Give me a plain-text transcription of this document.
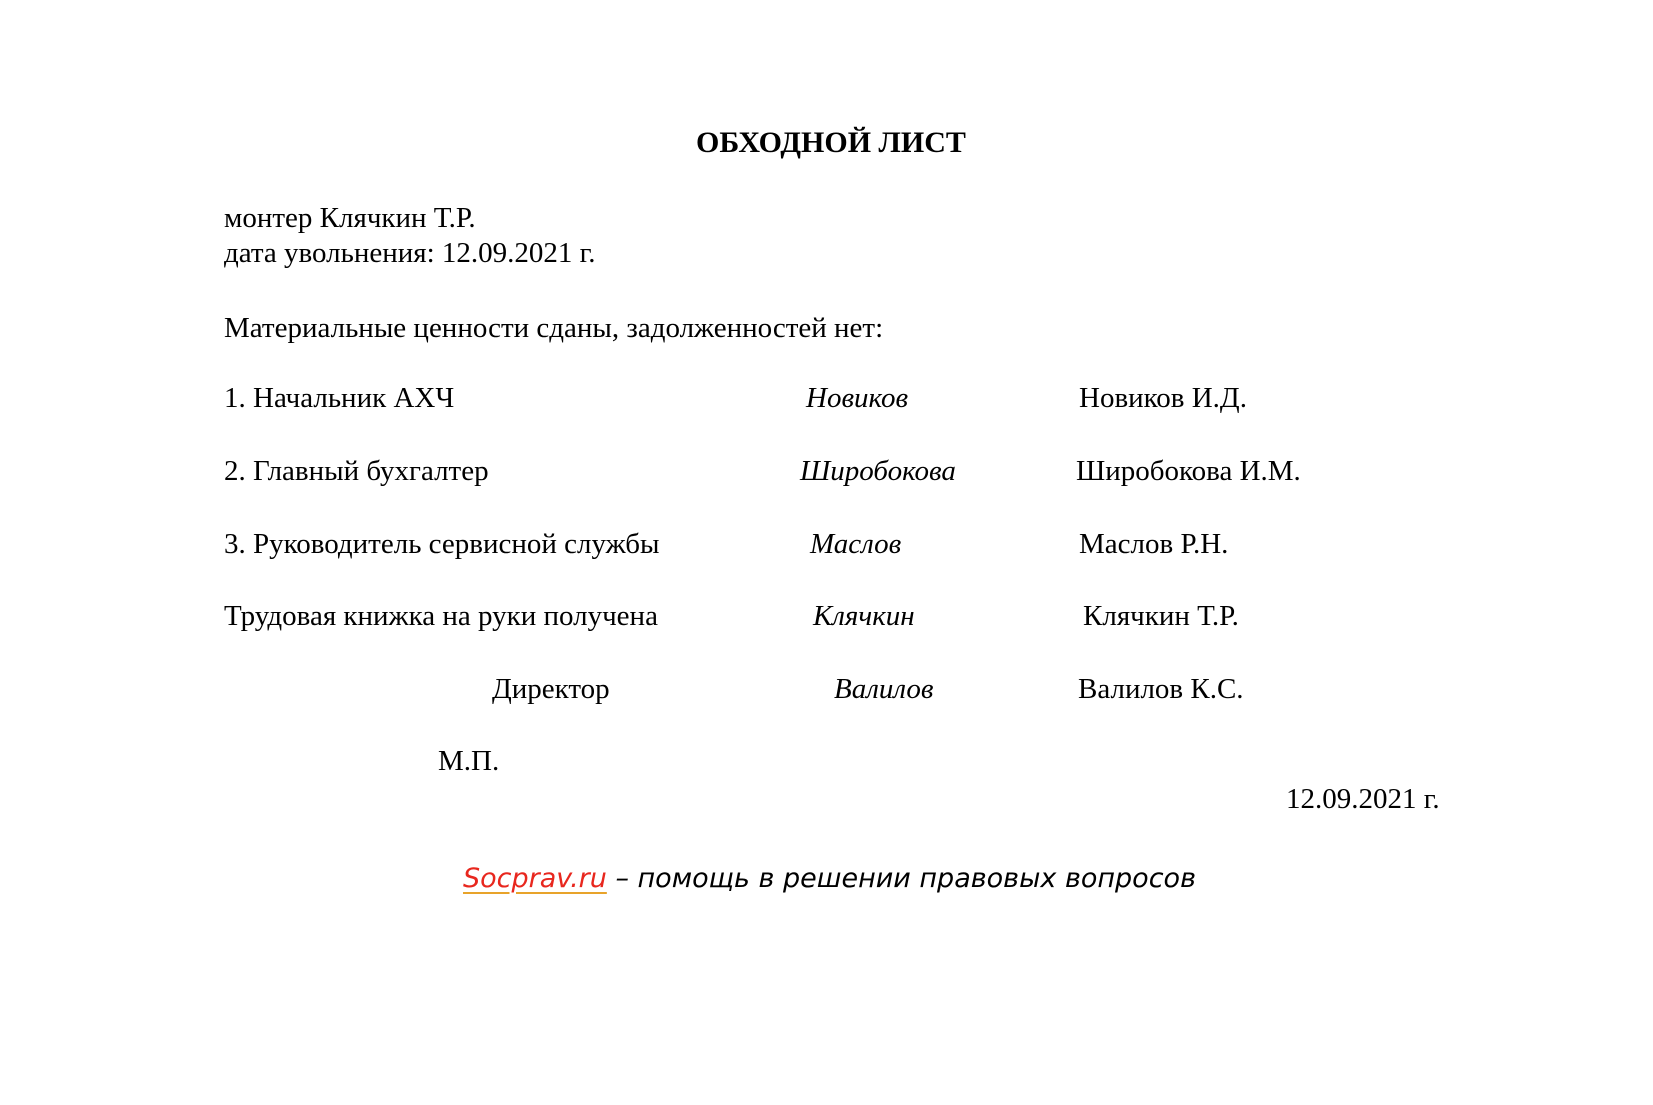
ОБХОДНОЙ ЛИСТ
монтер Клячкин Т.Р.
дата увольнения: 12.09.2021 г.
Материальные ценности сданы, задолженностей нет:
1. Начальник АХЧ	Новиков	Новиков И.Д.
2. Главный бухгалтер	Широбокова	Широбокова И.М.
3. Руководитель сервисной службы	Маслов	Маслов Р.Н.
Трудовая книжка на руки получена	Клячкин	Клячкин Т.Р.
Директор	Валилов	Валилов К.С.
М.П.
12.09.2021 г.
Socprav.ru – помощь в решении правовых вопросов
